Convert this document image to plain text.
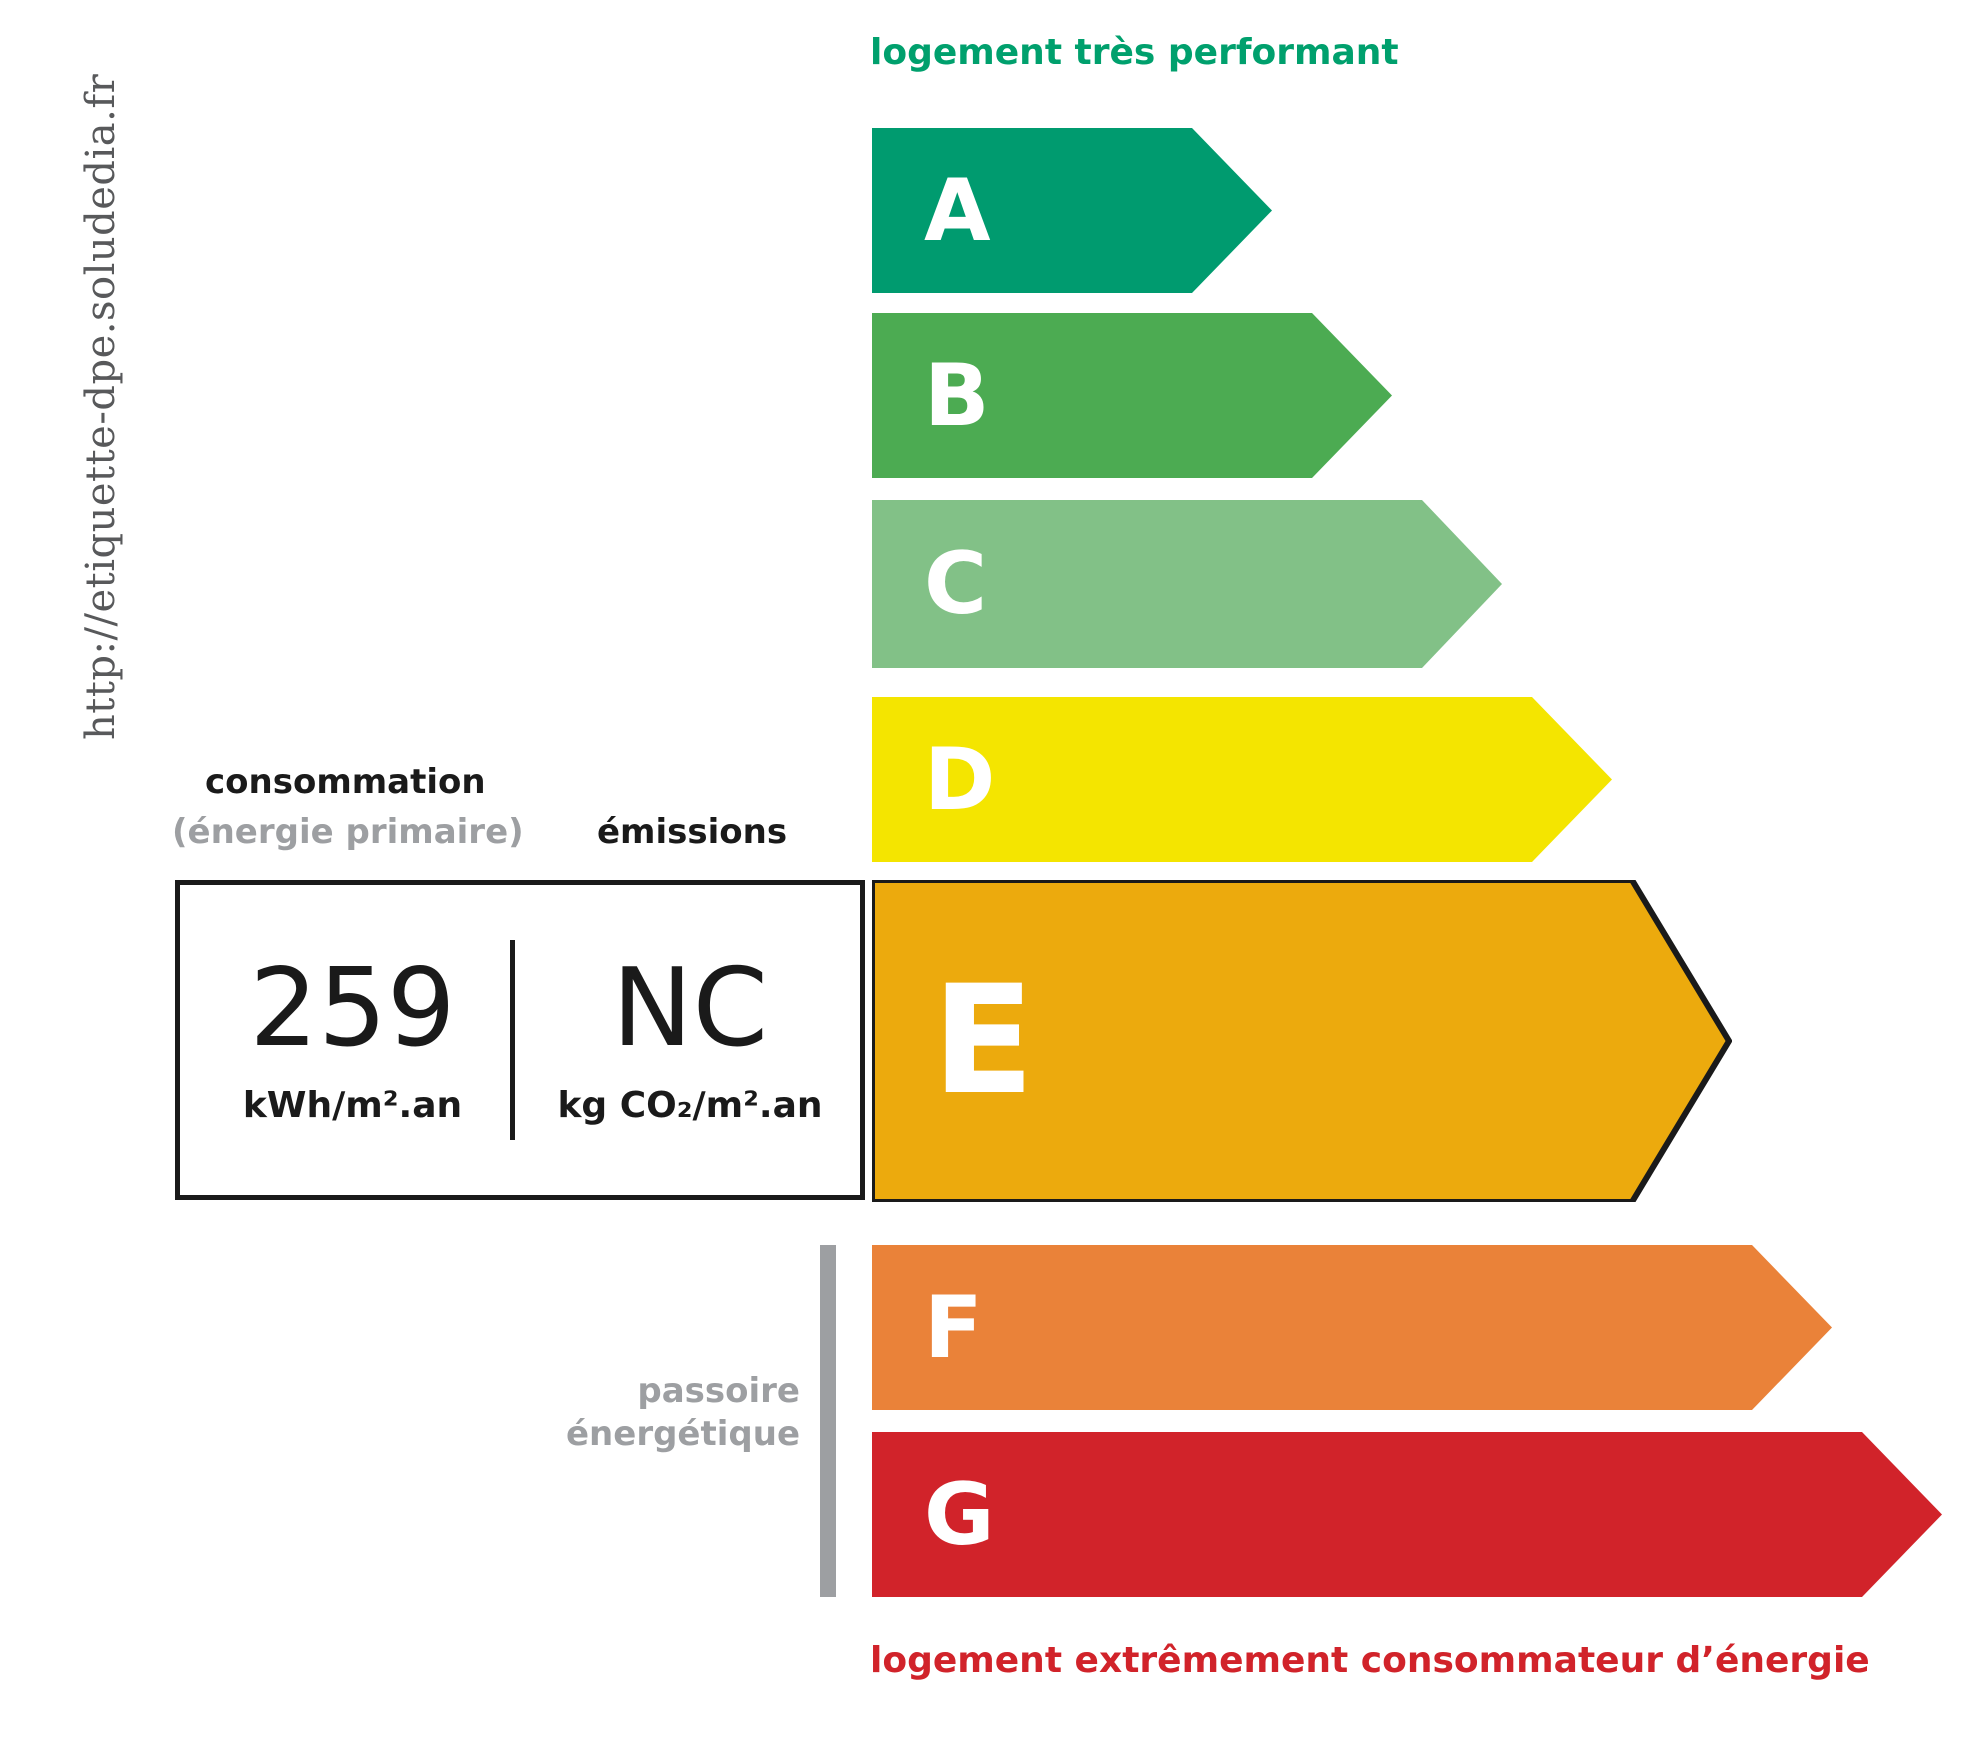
http://etiquette-dpe.soludedia.fr
logement très performant
A
B
C
D
E
F
G
consommation
(énergie primaire) émissions
259
kWh/m².an
NC
kg CO₂/m².an
passoire
énergétique
logement extrêmement consommateur d’énergie
